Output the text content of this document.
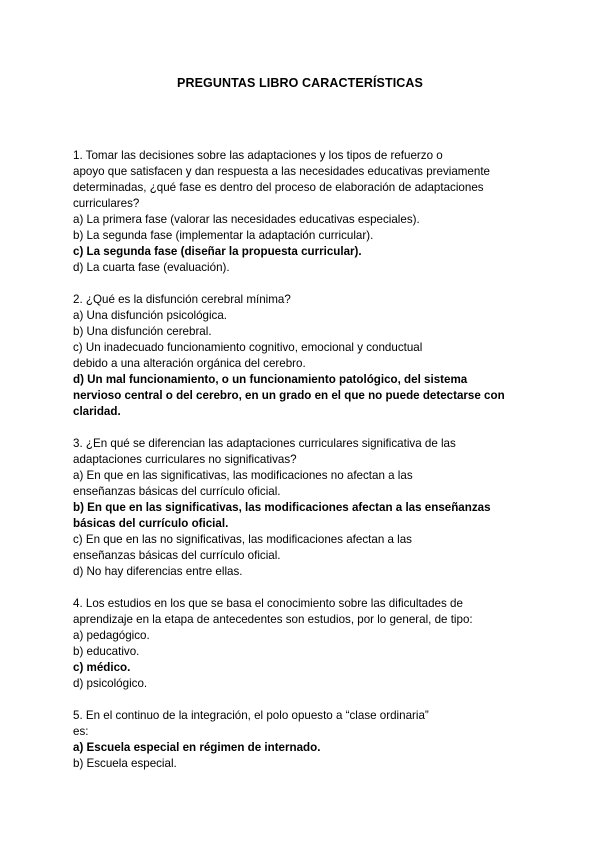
PREGUNTAS LIBRO CARACTERÍSTICAS
1. Tomar las decisiones sobre las adaptaciones y los tipos de refuerzo o
apoyo que satisfacen y dan respuesta a las necesidades educativas previamente
determinadas, ¿qué fase es dentro del proceso de elaboración de adaptaciones
curriculares?
a) La primera fase (valorar las necesidades educativas especiales).
b) La segunda fase (implementar la adaptación curricular).
c) La segunda fase (diseñar la propuesta curricular).
d) La cuarta fase (evaluación).
2. ¿Qué es la disfunción cerebral mínima?
a) Una disfunción psicológica.
b) Una disfunción cerebral.
c) Un inadecuado funcionamiento cognitivo, emocional y conductual
debido a una alteración orgánica del cerebro.
d) Un mal funcionamiento, o un funcionamiento patológico, del sistema
nervioso central o del cerebro, en un grado en el que no puede detectarse con
claridad.
3. ¿En qué se diferencian las adaptaciones curriculares significativa de las
adaptaciones curriculares no significativas?
a) En que en las significativas, las modificaciones no afectan a las
enseñanzas básicas del currículo oficial.
b) En que en las significativas, las modificaciones afectan a las enseñanzas
básicas del currículo oficial.
c) En que en las no significativas, las modificaciones afectan a las
enseñanzas básicas del currículo oficial.
d) No hay diferencias entre ellas.
4. Los estudios en los que se basa el conocimiento sobre las dificultades de
aprendizaje en la etapa de antecedentes son estudios, por lo general, de tipo:
a) pedagógico.
b) educativo.
c) médico.
d) psicológico.
5. En el continuo de la integración, el polo opuesto a “clase ordinaria”
es:
a) Escuela especial en régimen de internado.
b) Escuela especial.
